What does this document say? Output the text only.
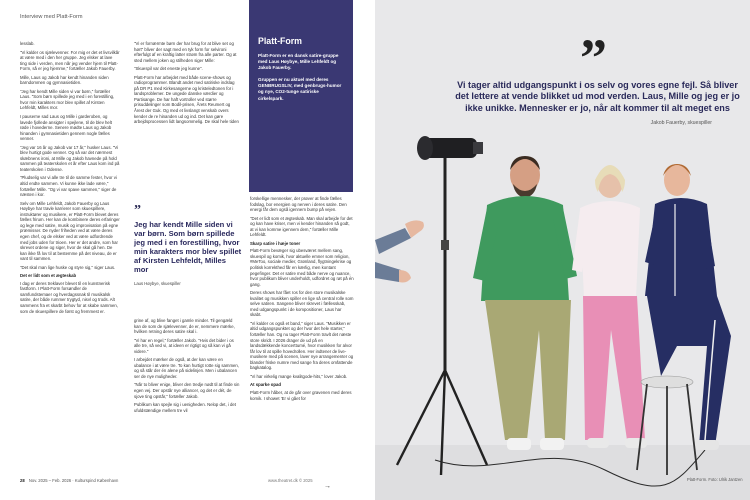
Interview med Platt-Form

lesslab.

"Vi kalder os sjælevenner. For mig er det et livsvilkår at være med i den her gruppe. Jeg elsker at lave ting side i verden, men når jeg vender hjem til Platt-Form, så er jeg hjemme," fortæller Jakob Fauerby.

Mille, Laus og Jakob har kendt hinanden siden barndommen og gymnasietiden.

"Jeg har kendt Mille siden vi var børn," fortæller Laus. "Som børn spillede jeg med i en forestilling, hvor min karakters mor blev spillet af Kirsten Lehfeldt, Milles mor.

I pauserne sad Laus og Mille i garderoben, og lavede fjollede ansigter i spejlene, til de blev helt røde i hovederne. Senere mødte Laus og Jakob hinanden i gymnasietiden gennem nogle fælles venner.

"Jeg var 16 år og Jakob var 17 år," husker Laus. "Vi blev hurtigt gode venner. Og så var det nærmest skæbnens ironi, at Mille og Jakob havnede på hold sammen på teaterskolen et år efter Laus kom ind på teaterskolen i Odense.

"Pludselig var vi alle tre til de samme fester, hvor vi altid endte sammen. Vi kunne ikke lade være," fortæller Mille. "Og vi var spave sammen," siger de næsten i kor.

Selv om Mille Lehfeldt, Jakob Fauerby og Laus Høybye har travle karrierer som skuespillere, instruktører og musikere, er Platt-Form blevet deres fælles frirum. Her kan de kombinere deres erfaringer og lege med satire, musik og improvisation på egne præmisser. De nyder friheden ved at være deres egen chef, og de elsker ved at være udfordrende med jobs uden for trioen. Her er det andre, som har skrevet ordene og siger, hvor de skal gå hen. De kan ikke få lov til at bestemme på det niveau, de er vant til sammen.

"Det skal man lige huske og styre sig," siger Laus.

Det er lidt som et ægteskab

I dag er deres treklaver blevet til en kunstnerisk fastform. I Platt-Form forsøndler de samfundstemaer og hverdagssnak til musikalsk satire, der både rummer trygtyd, nisvl og trods. Alt sammens fra et skarbt behov for at skabe sammen, som de skuespillere de først og fremmest er.

"Vi er fornærmte børn der har brug for at blive set og hørt" bliver der sagt med en tyk form for selvironi efterfulgt af en kraftig latter strøm fra alle parter. Og at sted mellem joken og stilheden siger Mille:

"Skuespil var det eneste jeg kunne".

Platt-Form har arbejdet med både scene-shows og radioprogrammer. Blandt andet med satiriske indslag på DR P1 med Kirkesangerne og kristeledtonen for i landsproblemer. De ungede danske værdier og Partisange. De har haft vortroller ved større prisuddelinger som Bodil-prisen, Årets Reumert og Årest der Guk. Og med et livslangt venskab overs kender de re hinanden ud og ind. Det kan gøre arbejdsprocessen lidt langsommelig. De skal hele tiden

”
Jeg har kendt Mille siden vi var børn. Som børn spillede jeg med i en forestilling, hvor min karakters mor blev spillet af Kirsten Lehfeldt, Milles mor
Laus Høybye, skuespiller

grine af, og blive fanget i gamle minder. Til gengæld kan de som de sjælevenner, de er, nemmere mærke, hvilken retning deres satire skal i.

"Vi har en regel," fortæller Jakob. "Hvis det bider i os alle tre, så ved vi, at ideen er rigtigt og så kan vi gå videre."

I arbejdet mærker de også, at der kan være en ubalance i at være tre. To kan hurtigt rotte sig sammen, og så står der én alene på sidelinjen. Men i ubalancen ser de nye muligheder.

"Når to bliver enige, bliver den tredje nødt til at finde sin egen vej. Der opstår nye alliancer, og det er dét, de sjove ting opstår," fortæller Jakob.

Publikum kan spejle sig i uenigheden. Nelop det, i det ufuldstændige mellem tre vil

Platt-Form
Platt-Form er en dansk satire-gruppe med Laus Høybye, Mille Lehfeldt og Jakob Fauerby.
Gruppen er nu aktuel med deres GENBRUGSLIV, med genbrugs-humor og nye, CO2-tunge satiriske cirkelspark.

forskellige mennesker, der prøver at finde fælles fodslag, bor energien og nerven i deres satire. Den energi får dem også igennem bump på vejen.

"Det er lidt som et ægteskab. Man skal arbejde for det og kan have kriser, men vi kender hinanden så godt, at vi kan komme igennem dem," fortæller Mille Lehfeldt.

Skarp satire i hæje toner

Platt-Form bevæger sig ubesværet mellem sang, skuespil og komik, hvor aktuelle emner som religion, #MeToo, sociale medier, Grønland, flygtningekrise og politisk korrekthed får en kærlig, men kontant pegefinger. Det er satire med både nerve og nuance, hvor publikum bliver underholdt, udfordret og røt på én gang.

Deres shows har fået ros for den store musikalske kvalitet og musikken spiller en lige så central rolle som selve satiren. Sangene bliver skrevet i fællesskab, med udgangspunkt i de kompositioner, Laus har skabt.

"Vi kalder os også et band," siger Laus. "Musikken er altid udgangspunktet og der hvor det hele starter," fortæller han. Og nu tager Platt-Form travlt det næste store skridt. I 2026 drager de ud på en landsdækkende koncerttumé, hvor musikken for alvor får lov til at spille hovedrollen. Her indtener de live-musikere med på scenen, laver nye arrangementer og blander friske numre med sange fra deres omfattende bagkatalog.

"Vi har virkelig mange kvalitgode-hits," lover Jakob.

At sparke opad

Platt-Form håber, at de går over gravenen med deres komik. I showet 'Er vi gået for

28 Nov. 2025 – Feb. 2026 · Kulturspind København	www.theatret.dk © 2025 →
”
Vi tager altid udgangspunkt i os selv og vores egne fejl. Så bliver det lettere at vende blikket ud mod verden. Laus, Mille og jeg er jo ikke unikke. Mennesker er jo, når alt kommer til alt meget ens
Jakob Fauerby, skuespiller
Platt-Form. Foto: Ulrik Jantzen
